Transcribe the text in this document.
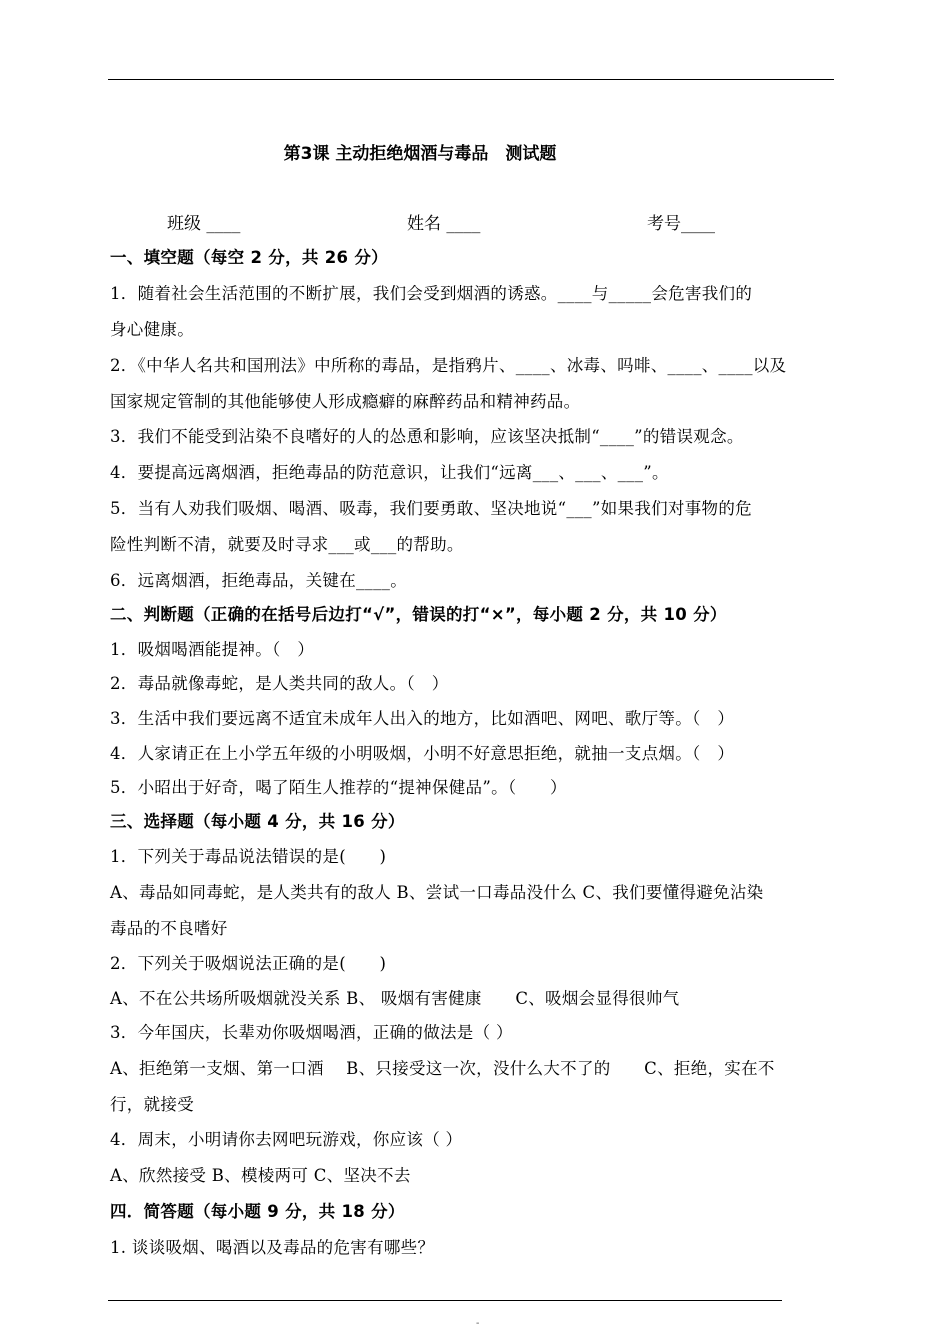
第3课 主动拒绝烟酒与毒品　测试题
班级 ____	姓名 ____	考号____
一、填空题（每空 2 分，共 26 分）
1．随着社会生活范围的不断扩展，我们会受到烟酒的诱惑。____与_____会危害我们的
身心健康。
2．《中华人名共和国刑法》中所称的毒品，是指鸦片、____、冰毒、吗啡、____、____以及
国家规定管制的其他能够使人形成瘾癖的麻醉药品和精神药品。
3．我们不能受到沾染不良嗜好的人的怂恿和影响，应该坚决抵制“____”的错误观念。
4．要提高远离烟酒，拒绝毒品的防范意识，让我们“远离___、___、___”。
5．当有人劝我们吸烟、喝酒、吸毒，我们要勇敢、坚决地说“___”如果我们对事物的危
险性判断不清，就要及时寻求___或___的帮助。
6．远离烟酒，拒绝毒品，关键在____。
二、判断题（正确的在括号后边打“√”，错误的打“×”，每小题 2 分，共 10 分）
1．吸烟喝酒能提神。（　）
2．毒品就像毒蛇，是人类共同的敌人。（　）
3．生活中我们要远离不适宜未成年人出入的地方，比如酒吧、网吧、歌厅等。（　）
4．人家请正在上小学五年级的小明吸烟，小明不好意思拒绝，就抽一支点烟。（　）
5．小昭出于好奇，喝了陌生人推荐的“提神保健品”。（　　）
三、选择题（每小题 4 分，共 16 分）
1．下列关于毒品说法错误的是(　　)
A、毒品如同毒蛇，是人类共有的敌人 B、尝试一口毒品没什么 C、我们要懂得避免沾染
毒品的不良嗜好
2．下列关于吸烟说法正确的是(　　)
A、不在公共场所吸烟就没关系 B、 吸烟有害健康　　C、吸烟会显得很帅气
3．今年国庆，长辈劝你吸烟喝酒，正确的做法是（ ）
A、拒绝第一支烟、第一口酒　 B、只接受这一次，没什么大不了的　　C、拒绝，实在不
行，就接受
4．周末，小明请你去网吧玩游戏，你应该（ ）
A、欣然接受 B、模棱两可 C、坚决不去
四．简答题（每小题 9 分，共 18 分）
1. 谈谈吸烟、喝酒以及毒品的危害有哪些？
-
